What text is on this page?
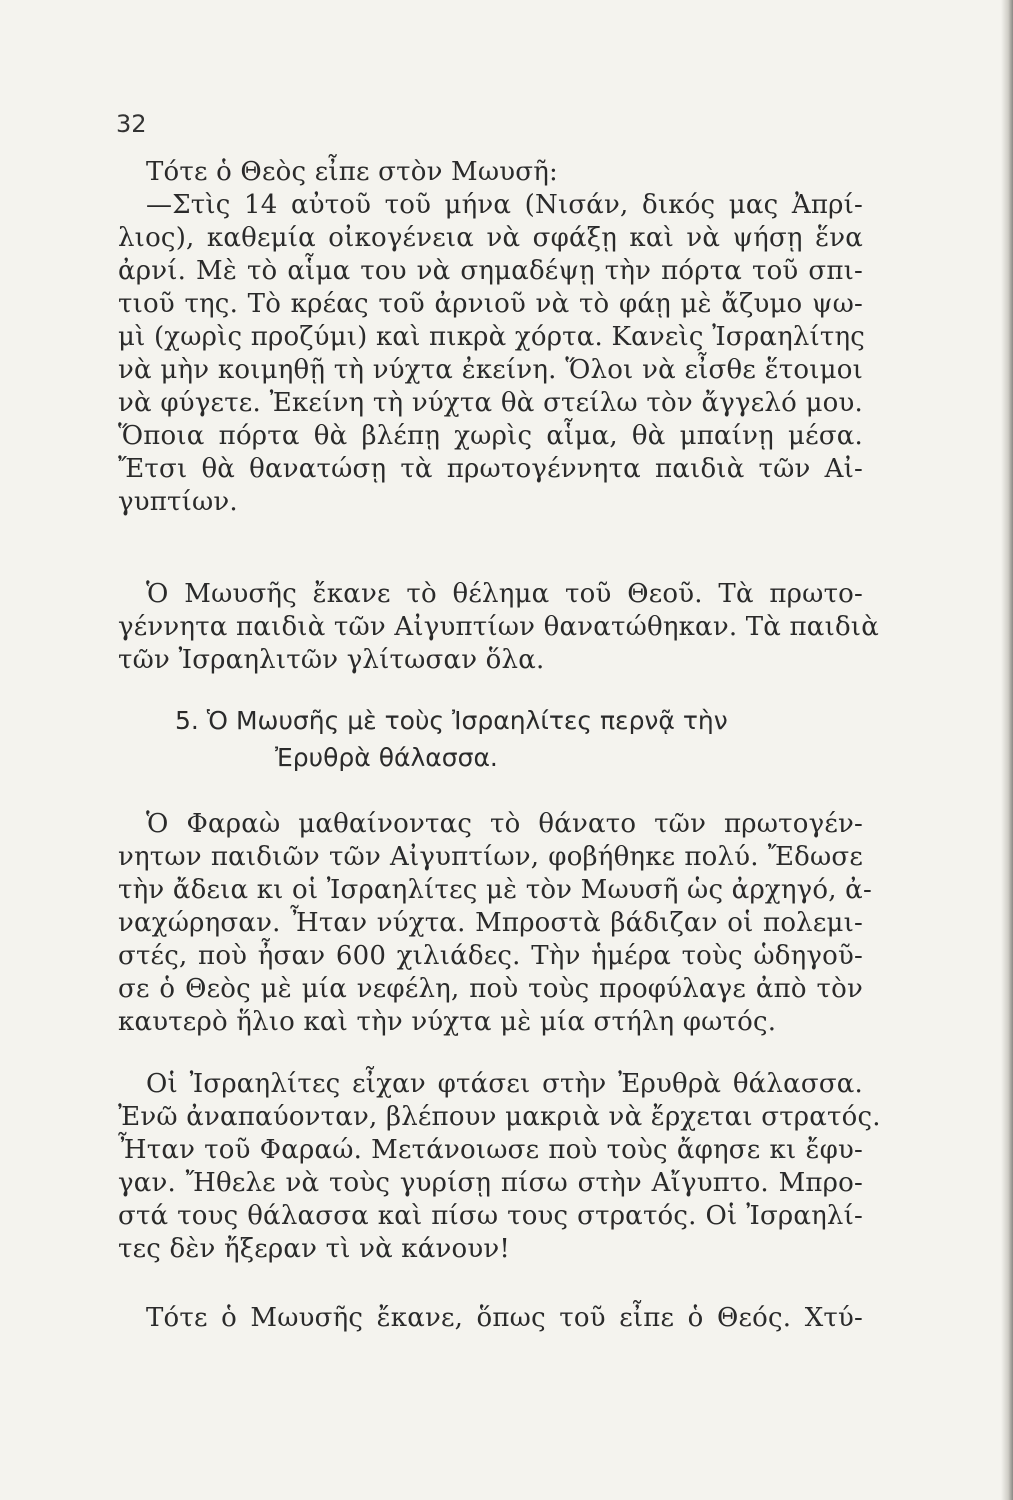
32
Τότε ὁ Θεὸς εἶπε στὸν Μωυσῆ:
—Στὶς 14 αὐτοῦ τοῦ μήνα (Νισάν, δικός μας Ἀπρί-
λιος), καθεμία οἰκογένεια νὰ σφάξῃ καὶ νὰ ψήσῃ ἕνα
ἀρνί. Μὲ τὸ αἷμα του νὰ σημαδέψῃ τὴν πόρτα τοῦ σπι-
τιοῦ της. Τὸ κρέας τοῦ ἀρνιοῦ νὰ τὸ φάῃ μὲ ἄζυμο ψω-
μὶ (χωρὶς προζύμι) καὶ πικρὰ χόρτα. Κανεὶς Ἰσραηλίτης
νὰ μὴν κοιμηθῇ τὴ νύχτα ἐκείνη. Ὅλοι νὰ εἶσθε ἕτοιμοι
νὰ φύγετε. Ἐκείνη τὴ νύχτα θὰ στείλω τὸν ἄγγελό μου.
Ὅποια πόρτα θὰ βλέπῃ χωρὶς αἷμα, θὰ μπαίνῃ μέσα.
Ἔτσι θὰ θανατώσῃ τὰ πρωτογέννητα παιδιὰ τῶν Αἰ-
γυπτίων.
Ὁ Μωυσῆς ἔκανε τὸ θέλημα τοῦ Θεοῦ. Τὰ πρωτο-
γέννητα παιδιὰ τῶν Αἰγυπτίων θανατώθηκαν. Τὰ παιδιὰ
τῶν Ἰσραηλιτῶν γλίτωσαν ὅλα.
5. Ὁ Μωυσῆς μὲ τοὺς Ἰσραηλίτες περνᾷ τὴν
Ἐρυθρὰ θάλασσα.
Ὁ Φαραὼ μαθαίνοντας τὸ θάνατο τῶν πρωτογέν-
νητων παιδιῶν τῶν Αἰγυπτίων, φοβήθηκε πολύ. Ἔδωσε
τὴν ἄδεια κι οἱ Ἰσραηλίτες μὲ τὸν Μωυσῆ ὡς ἀρχηγό, ἀ-
ναχώρησαν. Ἦταν νύχτα. Μπροστὰ βάδιζαν οἱ πολεμι-
στές, ποὺ ἦσαν 600 χιλιάδες. Τὴν ἡμέρα τοὺς ὡδηγοῦ-
σε ὁ Θεὸς μὲ μία νεφέλη, ποὺ τοὺς προφύλαγε ἀπὸ τὸν
καυτερὸ ἥλιο καὶ τὴν νύχτα μὲ μία στήλη φωτός.
Οἱ Ἰσραηλίτες εἶχαν φτάσει στὴν Ἐρυθρὰ θάλασσα.
Ἐνῶ ἀναπαύονταν, βλέπουν μακριὰ νὰ ἔρχεται στρατός.
Ἦταν τοῦ Φαραώ. Μετάνοιωσε ποὺ τοὺς ἄφησε κι ἔφυ-
γαν. Ἤθελε νὰ τοὺς γυρίσῃ πίσω στὴν Αἴγυπτο. Μπρο-
στά τους θάλασσα καὶ πίσω τους στρατός. Οἱ Ἰσραηλί-
τες δὲν ἤξεραν τὶ νὰ κάνουν!
Τότε ὁ Μωυσῆς ἔκανε, ὅπως τοῦ εἶπε ὁ Θεός. Χτύ-
